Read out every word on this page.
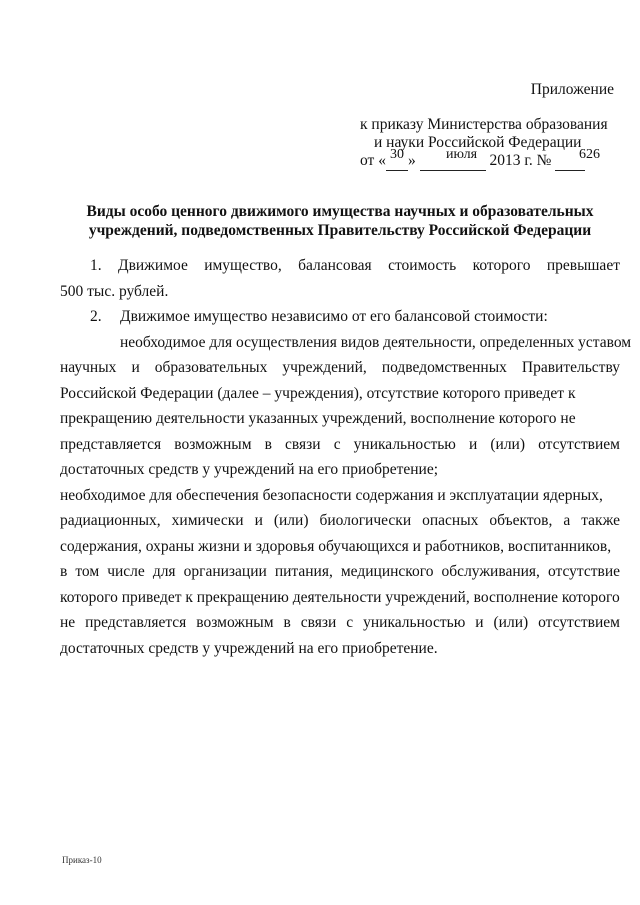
Приложение
к приказу Министерства образования
и науки Российской Федерации
от « »	2013 г. №
30	июля	626
Виды особо ценного движимого имущества научных и образовательных
учреждений, подведомственных Правительству Российской Федерации
1. Движимое имущество, балансовая стоимость которого превышает
500 тыс. рублей.
2.	Движимое имущество независимо от его балансовой стоимости:
необходимое для осуществления видов деятельности, определенных уставом
научных и образовательных учреждений, подведомственных Правительству
Российской Федерации (далее – учреждения), отсутствие которого приведет к
прекращению деятельности указанных учреждений, восполнение которого не
представляется возможным в связи с уникальностью и (или) отсутствием
достаточных средств у учреждений на его приобретение;
необходимое для обеспечения безопасности содержания и эксплуатации ядерных,
радиационных, химически и (или) биологически опасных объектов, а также
содержания, охраны жизни и здоровья обучающихся и работников, воспитанников,
в том числе для организации питания, медицинского обслуживания, отсутствие
которого приведет к прекращению деятельности учреждений, восполнение которого
не представляется возможным в связи с уникальностью и (или) отсутствием
достаточных средств у учреждений на его приобретение.
Приказ-10
